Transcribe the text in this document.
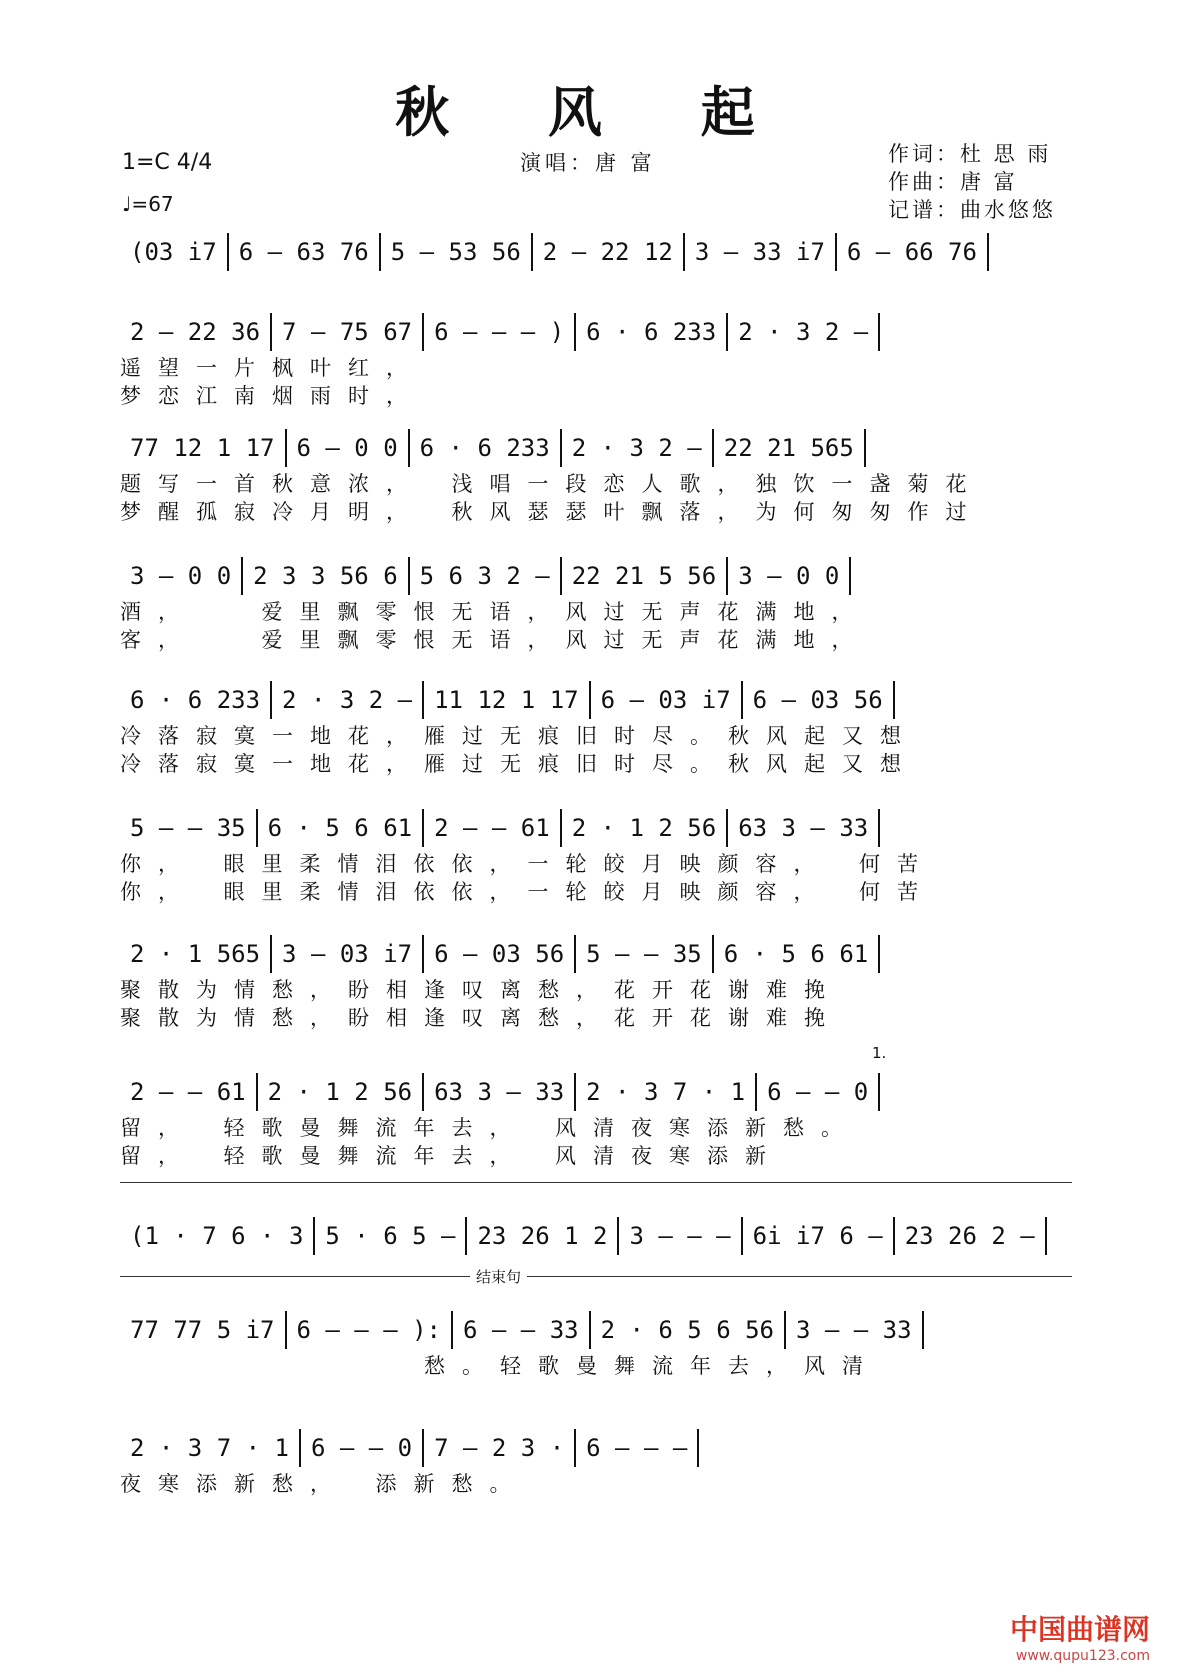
秋 风 起
1=C 4/4
♩=67
演唱：唐 富	作词：杜 思 雨
作曲：唐 富
记谱：曲水悠悠
(03 i7 6 – 63 76 5 – 53 56 2 – 22 12 3 – 33 i7 6 – 66 76
2 – 22 36 7 – 75 67 6 – – – ) 6 · 6 233 2 · 3 2 –
遥望一片枫叶红，
梦恋江南烟雨时，
77 12 1 17 6 – 0 0 6 · 6 233 2 · 3 2 – 22 21 565
题写一首秋意浓，　浅唱一段恋人歌，独饮一盏菊花
梦醒孤寂冷月明，　秋风瑟瑟叶飘落，为何匆匆作过
3 – 0 0 2 3 3 56 6 5 6 3 2 – 22 21 5 56 3 – 0 0
酒，　　爱里飘零恨无语，风过无声花满地，
客，　　爱里飘零恨无语，风过无声花满地，
6 · 6 233 2 · 3 2 – 11 12 1 17 6 – 03 i7 6 – 03 56
冷落寂寞一地花，雁过无痕旧时尽。秋风起又想
冷落寂寞一地花，雁过无痕旧时尽。秋风起又想
5 – – 35 6 · 5 6 61 2 – – 61 2 · 1 2 56 63 3 – 33
你，　眼里柔情泪依依，一轮皎月映颜容，　何苦
你，　眼里柔情泪依依，一轮皎月映颜容，　何苦
2 · 1 565 3 – 03 i7 6 – 03 56 5 – – 35 6 · 5 6 61
聚散为情愁，盼相逢叹离愁，花开花谢难挽
聚散为情愁，盼相逢叹离愁，花开花谢难挽
2 – – 61 2 · 1 2 56 63 3 – 33 2 · 3 7 · 1 6 – – 0
留，　轻歌曼舞流年去，　风清夜寒添新愁。
留，　轻歌曼舞流年去，　风清夜寒添新
(1 · 7 6 · 3 5 · 6 5 – 23 26 1 2 3 – – – 6i i7 6 – 23 26 2 –
77 77 5 i7 6 – – – ): 6 – – 33 2 · 6 5 6 56 3 – – 33
　　　　　　　　愁。轻歌曼舞流年去，风清
2 · 3 7 · 1 6 – – 0 7 – 2 3 · 6 – – –
夜寒添新愁，　添新愁。
1.
结束句
中国曲谱网
www.qupu123.com
